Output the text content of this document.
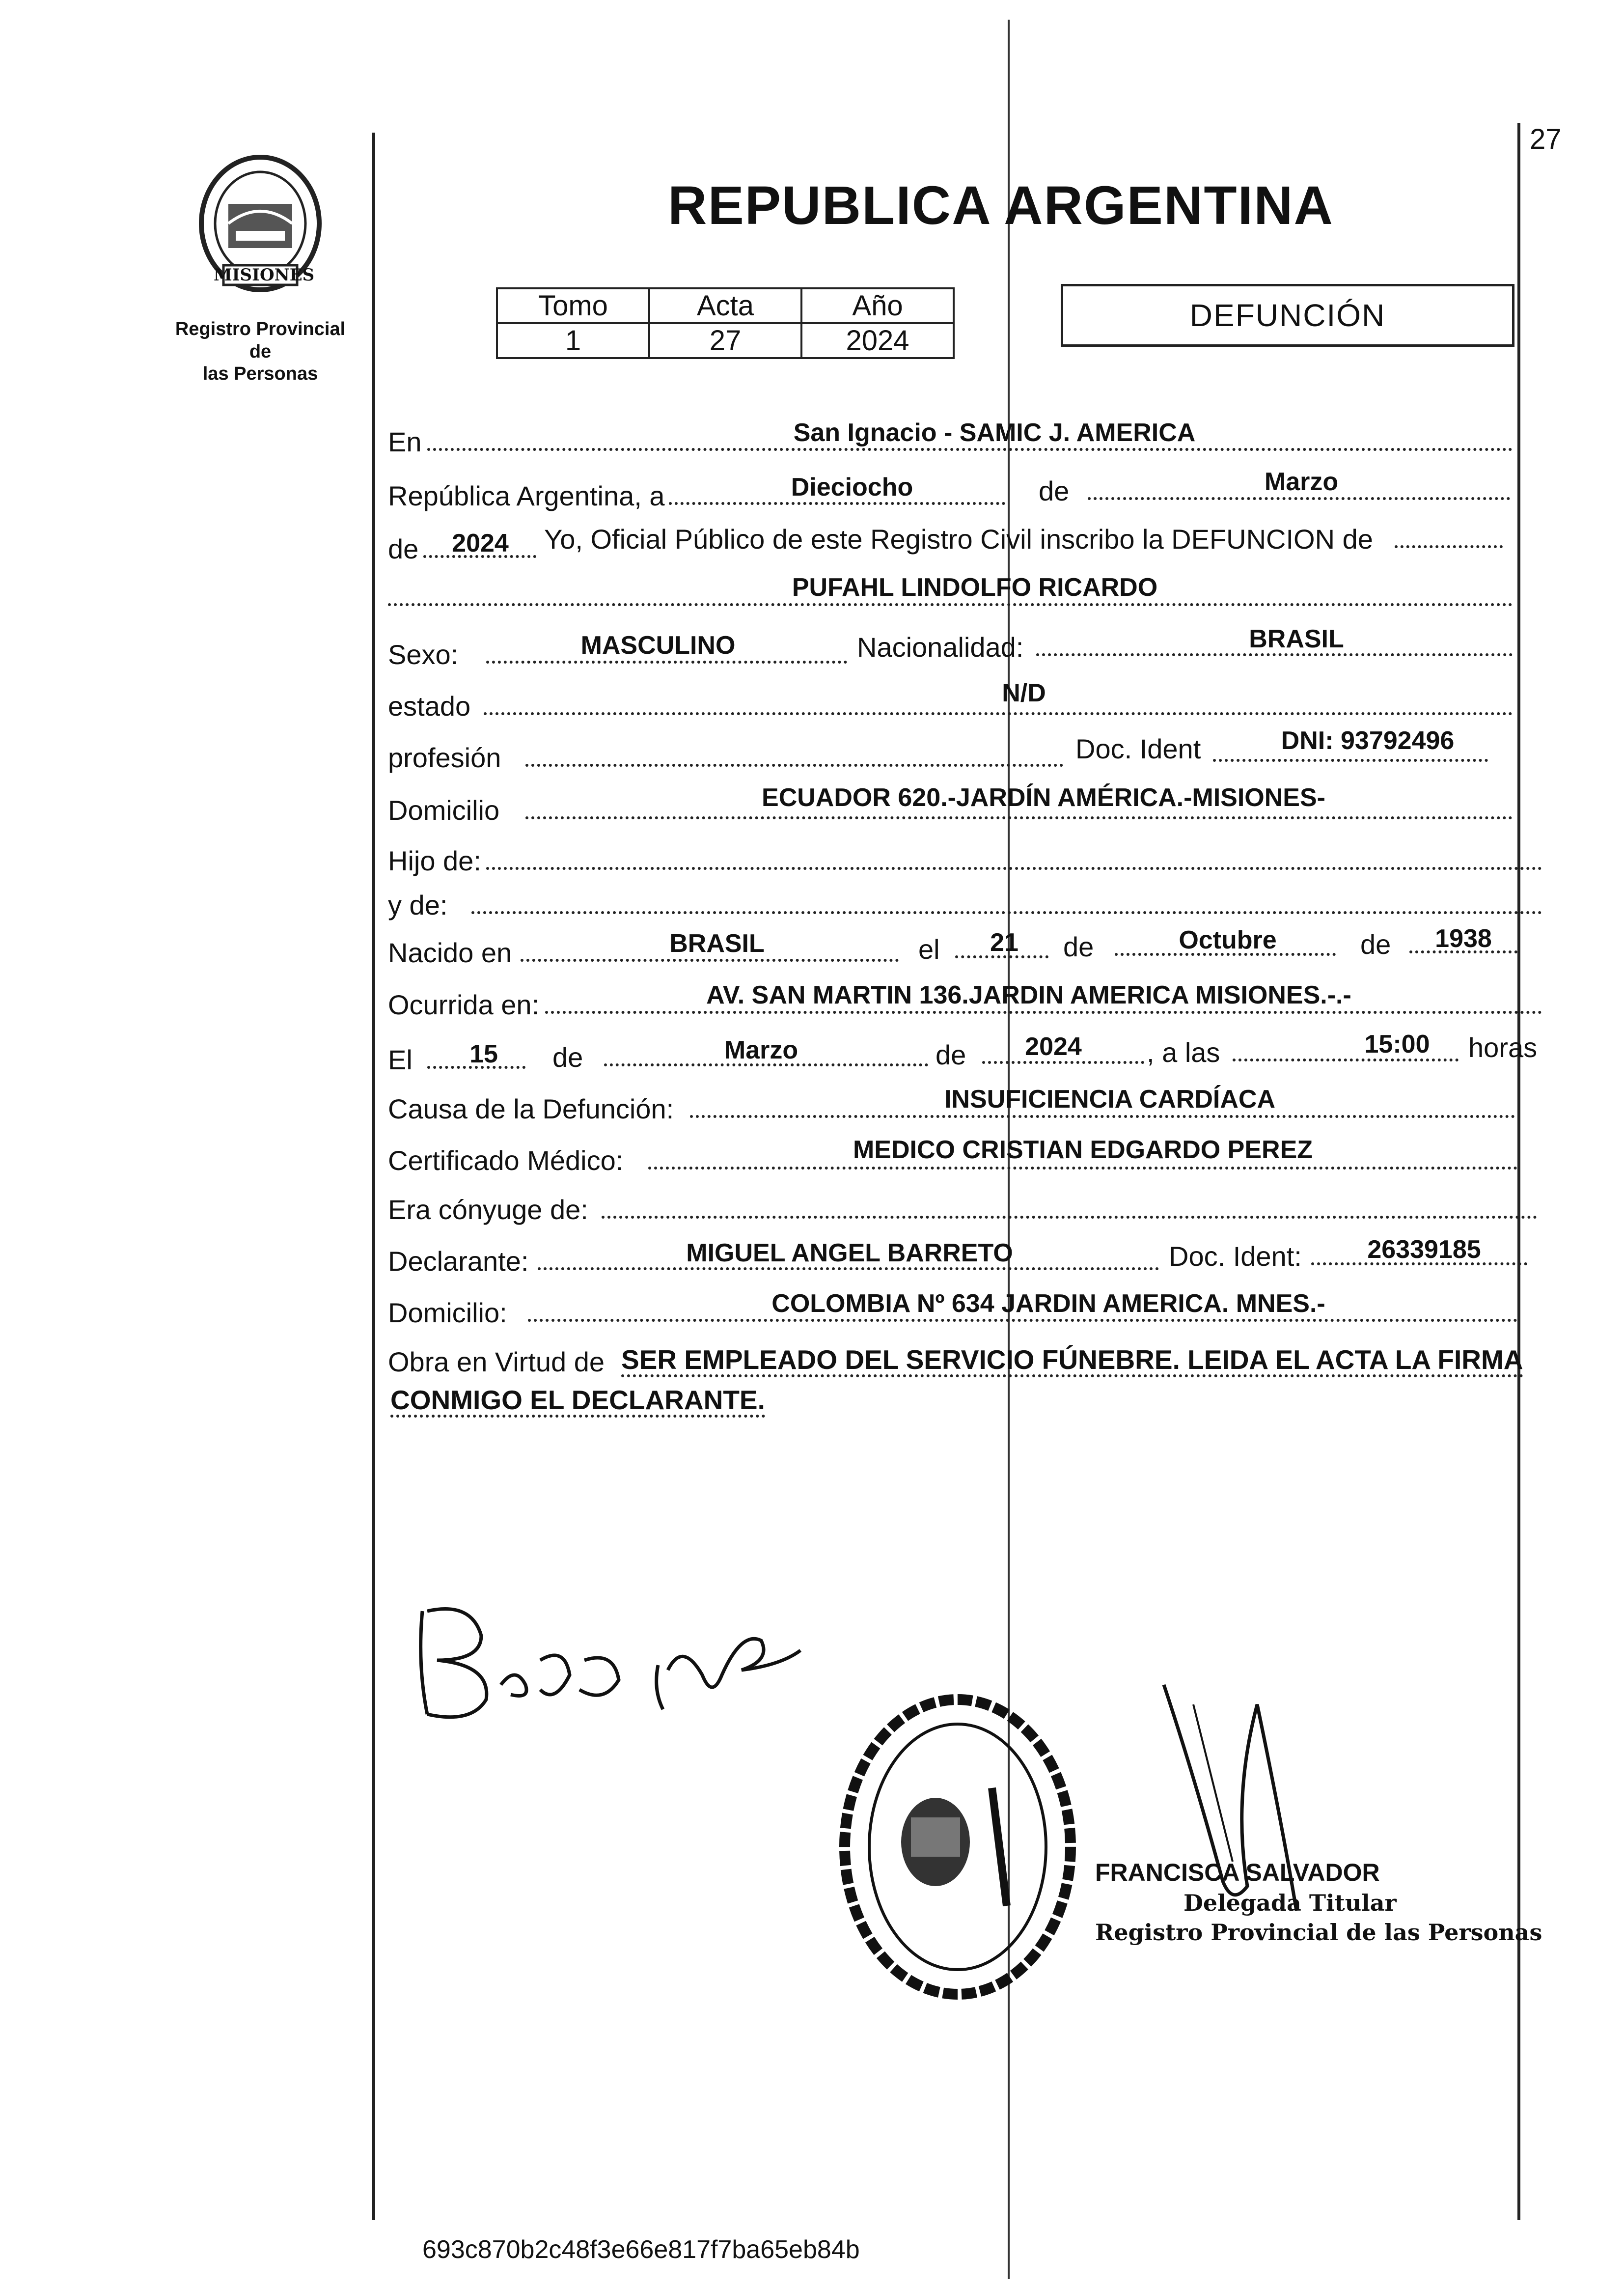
27
MISIONES
Registro Provincial de
las Personas
REPUBLICA ARGENTINA
Tomo	Acta	Año
1	27	2024
DEFUNCIÓN
En	San Ignacio - SAMIC J. AMERICA
República Argentina, a	Dieciocho	de	Marzo
de 2024 Yo, Oficial Público de este Registro Civil inscribo la DEFUNCION de
PUFAHL LINDOLFO RICARDO
Sexo:	MASCULINO	Nacionalidad:	BRASIL
estado	N/D
profesión	Doc. Ident	DNI: 93792496
Domicilio	ECUADOR 620.-JARDÍN AMÉRICA.-MISIONES-
Hijo de:
y de:
Nacido en	BRASIL	el 21 de	Octubre	de 1938
Ocurrida en:	AV. SAN MARTIN 136.JARDIN AMERICA MISIONES.-.-
El 15 de	Marzo	de 2024 , a las	15:00 horas
Causa de la Defunción:	INSUFICIENCIA CARDÍACA
Certificado Médico:	MEDICO CRISTIAN EDGARDO PEREZ
Era cónyuge de:
Declarante:	MIGUEL ANGEL BARRETO	Doc. Ident:	26339185
Domicilio:	COLOMBIA Nº 634 JARDIN AMERICA. MNES.-
Obra en Virtud de SER EMPLEADO DEL SERVICIO FÚNEBRE. LEIDA EL ACTA LA FIRMA
CONMIGO EL DECLARANTE.
FRANCISCA SALVADOR
Delegada Titular
Registro Provincial de las Personas
693c870b2c48f3e66e817f7ba65eb84b
